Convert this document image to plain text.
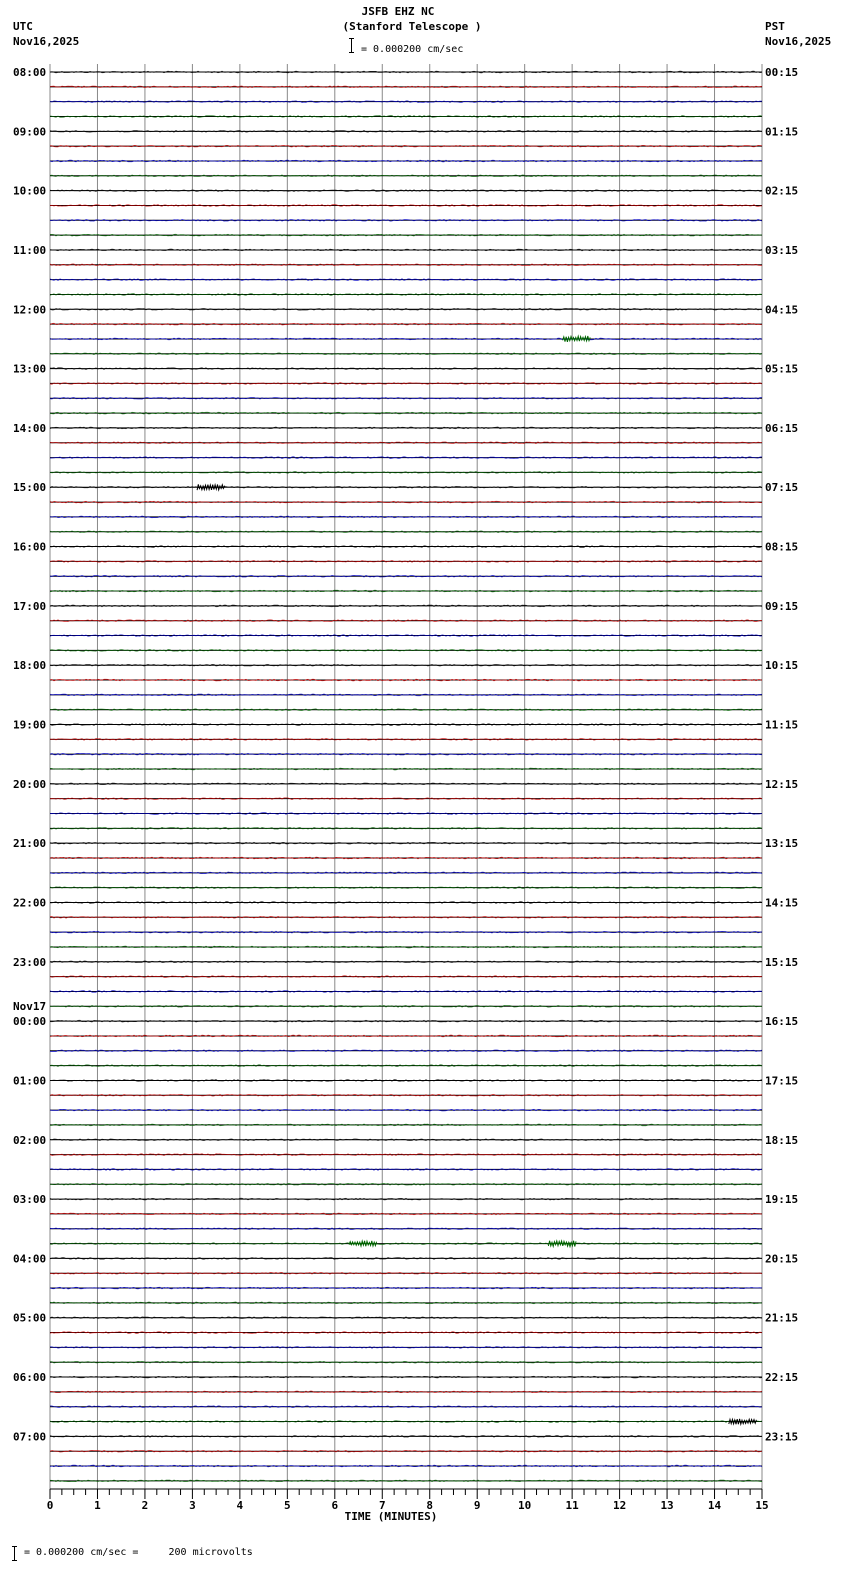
JSFB EHZ NC
(Stanford Telescope )
UTC
Nov16,2025
PST
Nov16,2025
= 0.000200 cm/sec
08:00
09:00
10:00
11:00
12:00
13:00
14:00
15:00
16:00
17:00
18:00
19:00
20:00
21:00
22:00
23:00
00:00
01:00
02:00
03:00
04:00
05:00
06:00
07:00
Nov17
00:15
01:15
02:15
03:15
04:15
05:15
06:15
07:15
08:15
09:15
10:15
11:15
12:15
13:15
14:15
15:15
16:15
17:15
18:15
19:15
20:15
21:15
22:15
23:15
0	1	2	3	4	5	6	7	8	9	10	11	12	13	14	15
TIME (MINUTES)
= 0.000200 cm/sec =     200 microvolts
